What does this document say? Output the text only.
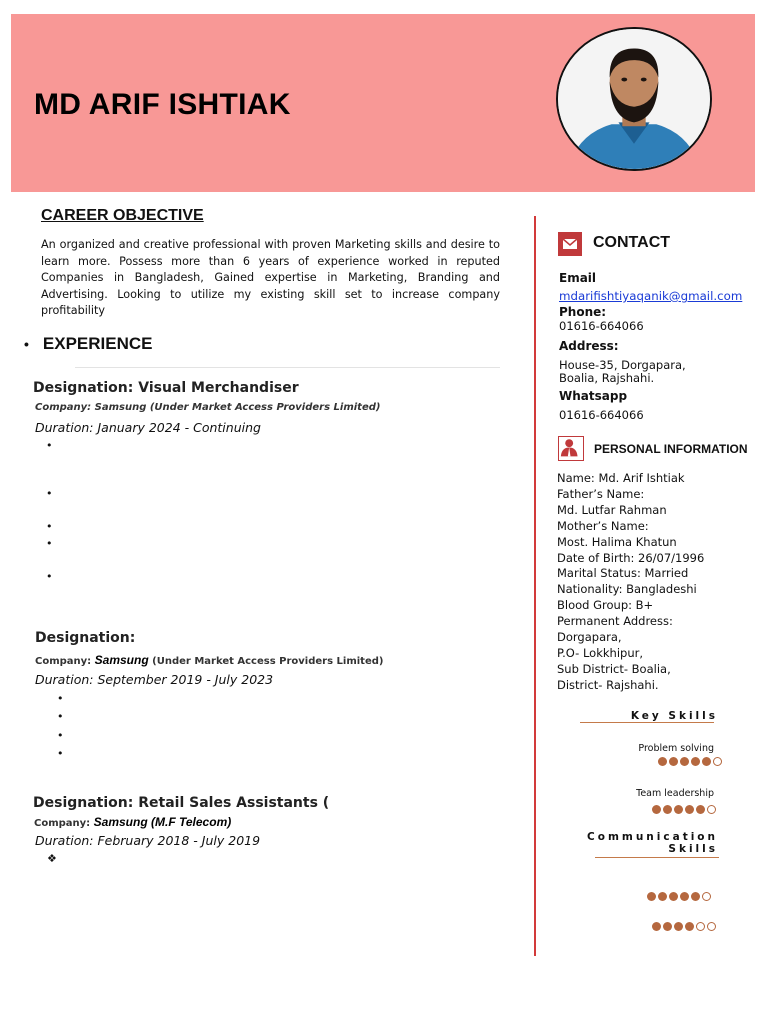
MD ARIF ISHTIAK
CAREER OBJECTIVE
An organized and creative professional with proven Marketing skills and desire to learn more. Possess more than 6 years of experience worked in reputed Companies in Bangladesh, Gained expertise in Marketing, Branding and Advertising. Looking to utilize my existing skill set to increase company profitability
• EXPERIENCE
Designation: Visual Merchandiser
Company: Samsung (Under Market Access Providers Limited)
Duration: January 2024 - Continuing
•
•
•
•
•
Designation:
Company: Samsung (Under Market Access Providers Limited)
Duration: September 2019 - July 2023
•
•
•
•
Designation: Retail Sales Assistants (
Company: Samsung (M.F Telecom)
Duration: February 2018 - July 2019
❖
CONTACT
Email
mdarifishtiyaqanik@gmail.com
Phone:
01616-664066
Address:
House-35, Dorgapara,
Boalia, Rajshahi.
Whatsapp
01616-664066
PERSONAL INFORMATION
Name: Md. Arif Ishtiak
Father’s Name:
Md. Lutfar Rahman
Mother’s Name:
Most. Halima Khatun
Date of Birth: 26/07/1996
Marital Status: Married
Nationality: Bangladeshi
Blood Group: B+
Permanent Address:
Dorgapara,
P.O- Lokkhipur,
Sub District- Boalia,
District- Rajshahi.
Key Skills
Problem solving
Team leadership
Communication
Skills
